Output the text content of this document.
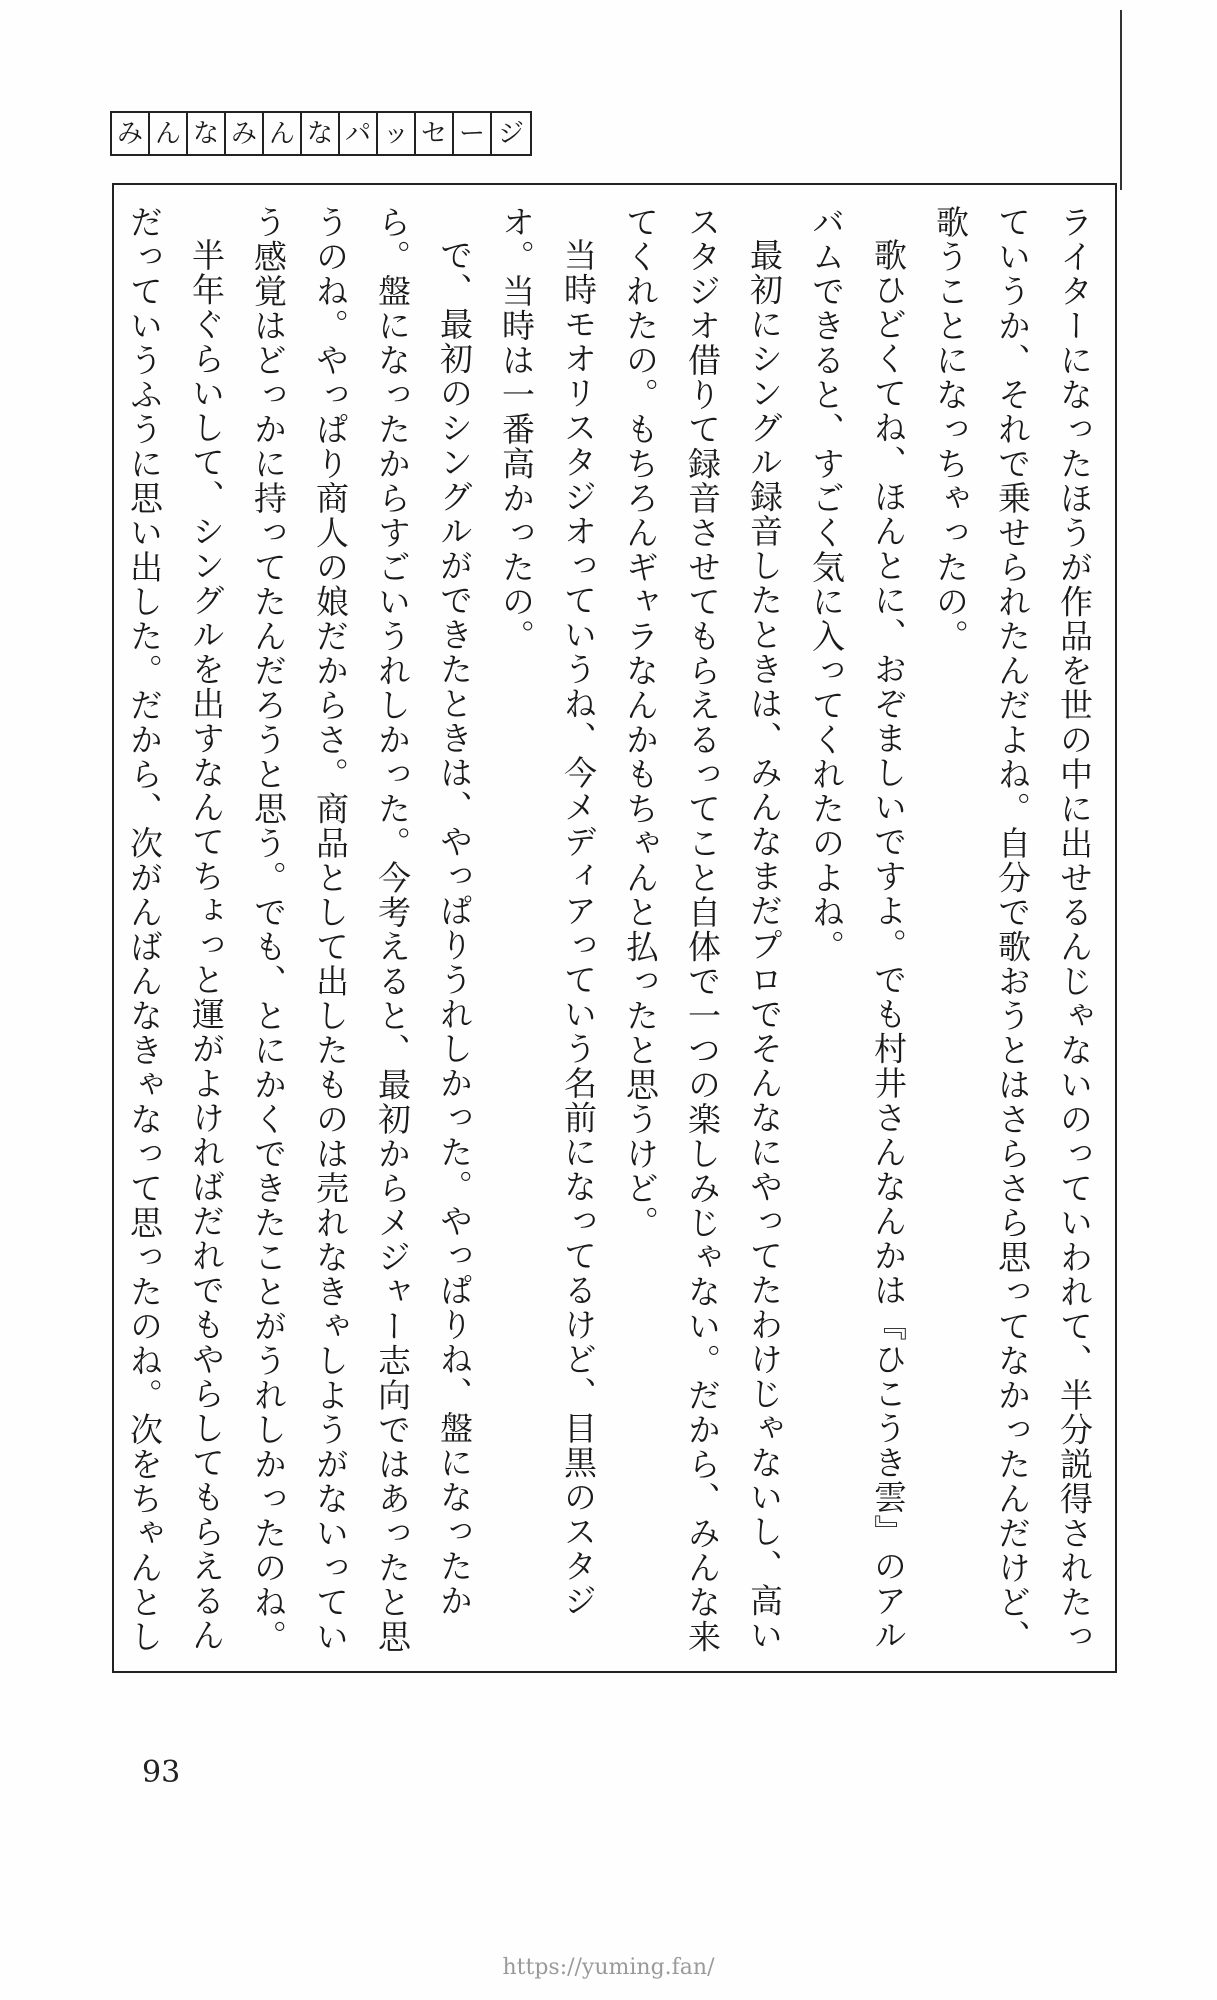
み ん な み ん な パ ッ セ ー ジ

ライターになったほうが作品を世の中に出せるんじゃないのっていわれて、半分説得されたっていうか、それで乗せられたんだよね。自分で歌おうとはさらさら思ってなかったんだけど、歌うことになっちゃったの。

歌ひどくてね、ほんとに、おぞましいですよ。でも村井さんなんかは『ひこうき雲』のアルバムできると、すごく気に入ってくれたのよね。

最初にシングル録音したときは、みんなまだプロでそんなにやってたわけじゃないし、高いスタジオ借りて録音させてもらえるってこと自体で一つの楽しみじゃない。だから、みんな来てくれたの。もちろんギャラなんかもちゃんと払ったと思うけど。

当時モオリスタジオっていうね、今メディアっていう名前になってるけど、目黒のスタジオ。当時は一番高かったの。

で、最初のシングルができたときは、やっぱりうれしかった。やっぱりね、盤になったから。盤になったからすごいうれしかった。今考えると、最初からメジャー志向ではあったと思うのね。やっぱり商人の娘だからさ。商品として出したものは売れなきゃしようがないっていう感覚はどっかに持ってたんだろうと思う。でも、とにかくできたことがうれしかったのね。

半年ぐらいして、シングルを出すなんてちょっと運がよければだれでもやらしてもらえるんだっていうふうに思い出した。だから、次がんばんなきゃなって思ったのね。次をちゃんとし

93
https://yuming.fan/
